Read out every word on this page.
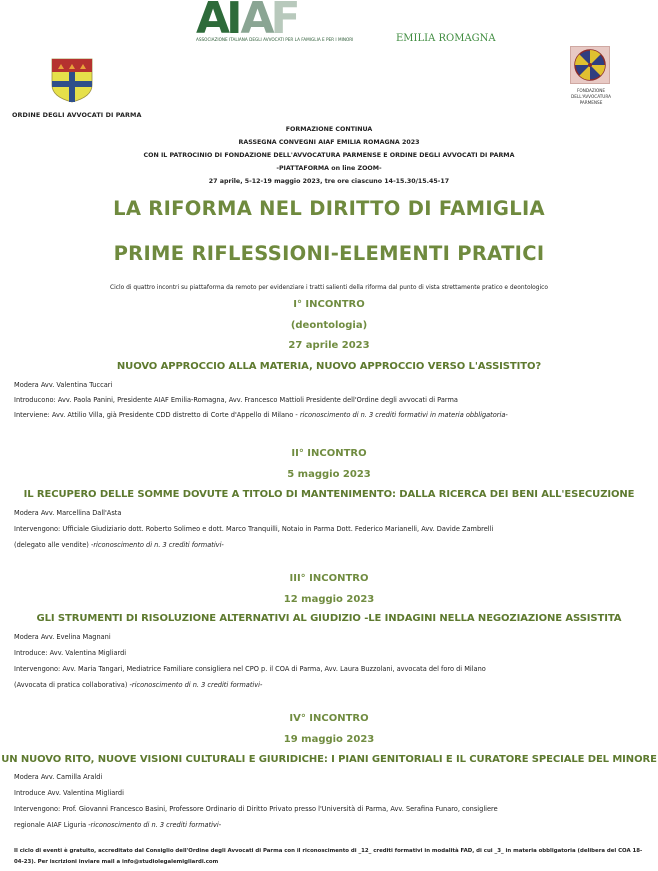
A I A F
ASSOCIAZIONE ITALIANA DEGLI AVVOCATI PER LA FAMIGLIA E PER I MINORI	EMILIA ROMAGNA
ORDINE DEGLI AVVOCATI DI PARMA
FONDAZIONE
DELL'AVVOCATURA
PARMENSE
FORMAZIONE CONTINUA
RASSEGNA CONVEGNI AIAF EMILIA ROMAGNA 2023
CON IL PATROCINIO DI FONDAZIONE DELL'AVVOCATURA PARMENSE E ORDINE DEGLI AVVOCATI DI PARMA
-PIATTAFORMA on line ZOOM-
27 aprile, 5-12-19 maggio 2023, tre ore ciascuno 14-15.30/15.45-17
LA RIFORMA NEL DIRITTO DI FAMIGLIA
PRIME RIFLESSIONI-ELEMENTI PRATICI
Ciclo di quattro incontri su piattaforma da remoto per evidenziare i tratti salienti della riforma dal punto di vista strettamente pratico e deontologico
I° INCONTRO
(deontologia)
27 aprile 2023
NUOVO APPROCCIO ALLA MATERIA, NUOVO APPROCCIO VERSO L'ASSISTITO?
Modera Avv. Valentina Tuccari
Introducono: Avv. Paola Panini, Presidente AIAF Emilia-Romagna, Avv. Francesco Mattioli Presidente dell'Ordine degli avvocati di Parma
Interviene: Avv. Attilio Villa, già Presidente CDD distretto di Corte d'Appello di Milano - riconoscimento di n. 3 crediti formativi in materia obbligatoria-
II° INCONTRO
5 maggio 2023
IL RECUPERO DELLE SOMME DOVUTE A TITOLO DI MANTENIMENTO: DALLA RICERCA DEI BENI ALL'ESECUZIONE
Modera Avv. Marcellina Dall'Asta
Intervengono: Ufficiale Giudiziario dott. Roberto Solimeo e dott. Marco Tranquilli, Notaio in Parma Dott. Federico Marianelli, Avv. Davide Zambrelli
(delegato alle vendite) -riconoscimento di n. 3 crediti formativi-
III° INCONTRO
12 maggio 2023
GLI STRUMENTI DI RISOLUZIONE ALTERNATIVI AL GIUDIZIO -LE INDAGINI NELLA NEGOZIAZIONE ASSISTITA
Modera Avv. Evelina Magnani
Introduce: Avv. Valentina Migliardi
Intervengono: Avv. Maria Tangari, Mediatrice Familiare consigliera nel CPO p. il COA di Parma, Avv. Laura Buzzolani, avvocata del foro di Milano
(Avvocata di pratica collaborativa) -riconoscimento di n. 3 crediti formativi-
IV° INCONTRO
19 maggio 2023
UN NUOVO RITO, NUOVE VISIONI CULTURALI E GIURIDICHE: I PIANI GENITORIALI E IL CURATORE SPECIALE DEL MINORE
Modera Avv. Camilla Araldi
Introduce Avv. Valentina Migliardi
Intervengono: Prof. Giovanni Francesco Basini, Professore Ordinario di Diritto Privato presso l'Università di Parma, Avv. Serafina Funaro, consigliere
regionale AIAF Liguria -riconoscimento di n. 3 crediti formativi-
Il ciclo di eventi è gratuito, accreditato dal Consiglio dell'Ordine degli Avvocati di Parma con il riconoscimento di _12_ crediti formativi in modalità FAD, di cui _3_ in materia obbligatoria (delibera del COA 18-
04-23). Per iscrizioni inviare mail a info@studiolegalemigliardi.com
